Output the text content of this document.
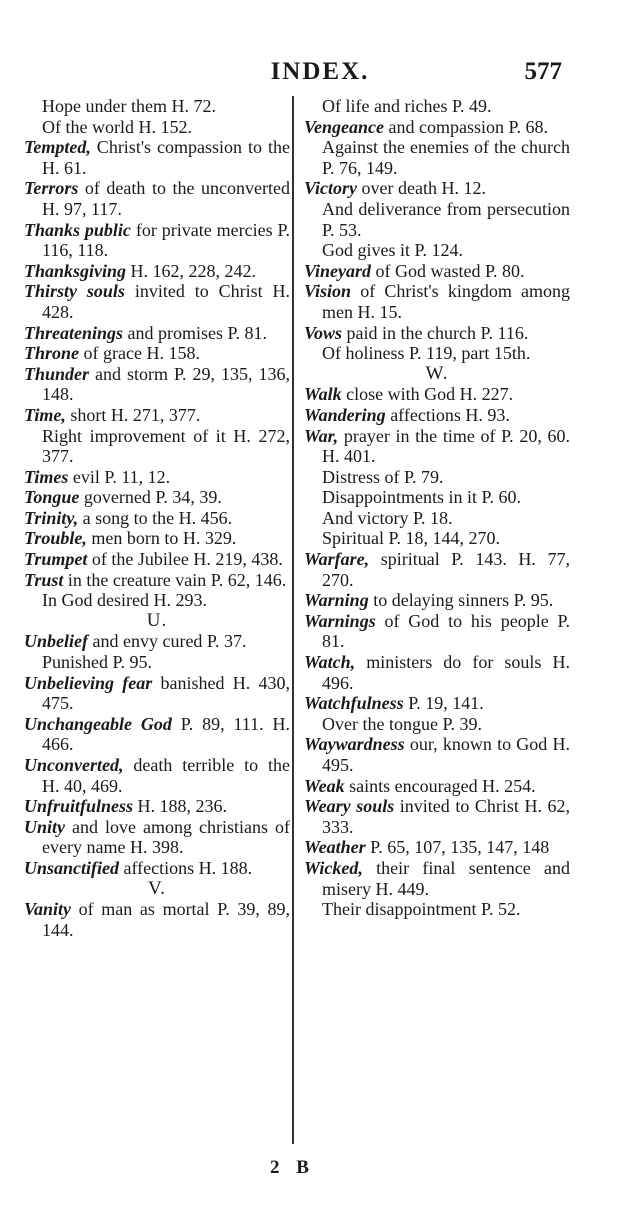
INDEX.	577
Hope under them H. 72.
Of the world H. 152.
Tempted, Christ's compassion to the H. 61.
Terrors of death to the unconverted H. 97, 117.
Thanks public for private mercies P. 116, 118.
Thanksgiving H. 162, 228, 242.
Thirsty souls invited to Christ H. 428.
Threatenings and promises P. 81.
Throne of grace H. 158.
Thunder and storm P. 29, 135, 136, 148.
Time, short H. 271, 377.
Right improvement of it H. 272, 377.
Times evil P. 11, 12.
Tongue governed P. 34, 39.
Trinity, a song to the H. 456.
Trouble, men born to H. 329.
Trumpet of the Jubilee H. 219, 438.
Trust in the creature vain P. 62, 146.
In God desired H. 293.
U.
Unbelief and envy cured P. 37.
Punished P. 95.
Unbelieving fear banished H. 430, 475.
Unchangeable God P. 89, 111. H. 466.
Unconverted, death terrible to the H. 40, 469.
Unfruitfulness H. 188, 236.
Unity and love among christians of every name H. 398.
Unsanctified affections H. 188.
V.
Vanity of man as mortal P. 39, 89, 144.
Of life and riches P. 49.
Vengeance and compassion P. 68.
Against the enemies of the church P. 76, 149.
Victory over death H. 12.
And deliverance from persecution P. 53.
God gives it P. 124.
Vineyard of God wasted P. 80.
Vision of Christ's kingdom among men H. 15.
Vows paid in the church P. 116.
Of holiness P. 119, part 15th.
W.
Walk close with God H. 227.
Wandering affections H. 93.
War, prayer in the time of P. 20, 60. H. 401.
Distress of P. 79.
Disappointments in it P. 60.
And victory P. 18.
Spiritual P. 18, 144, 270.
Warfare, spiritual P. 143. H. 77, 270.
Warning to delaying sinners P. 95.
Warnings of God to his people P. 81.
Watch, ministers do for souls H. 496.
Watchfulness P. 19, 141.
Over the tongue P. 39.
Waywardness our, known to God H. 495.
Weak saints encouraged H. 254.
Weary souls invited to Christ H. 62, 333.
Weather P. 65, 107, 135, 147, 148
Wicked, their final sentence and misery H. 449.
Their disappointment P. 52.
2 B
